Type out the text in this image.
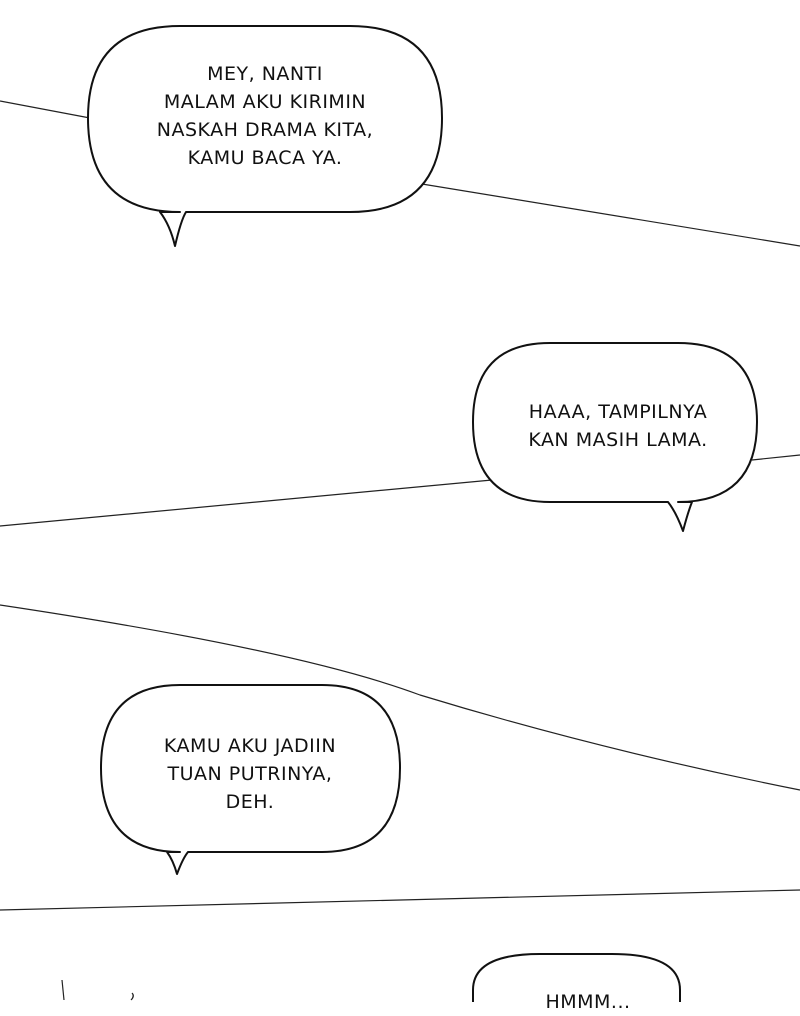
MEY, NANTI
MALAM AKU KIRIMIN
NASKAH DRAMA KITA,
KAMU BACA YA.
HAAA, TAMPILNYA
KAN MASIH LAMA.
KAMU AKU JADIIN
TUAN PUTRINYA,
DEH.
HMMM...
